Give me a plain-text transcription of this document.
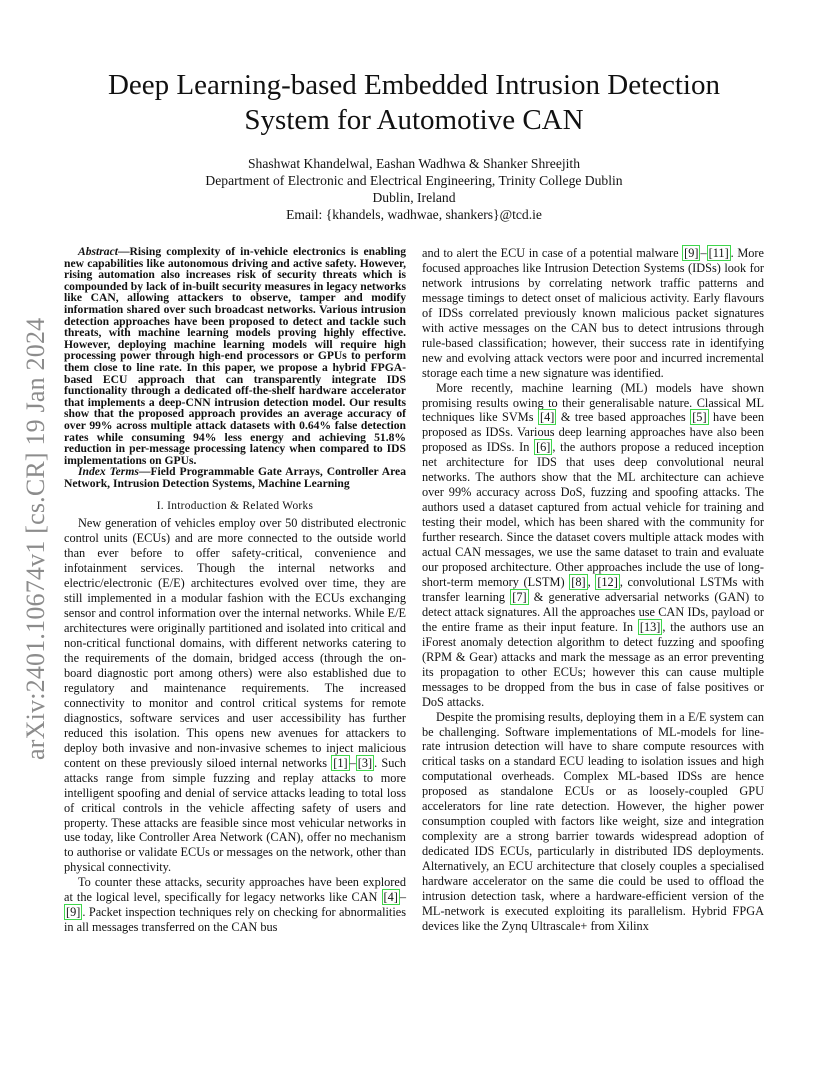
Deep Learning-based Embedded Intrusion Detection
System for Automotive CAN
Shashwat Khandelwal, Eashan Wadhwa & Shanker Shreejith
Department of Electronic and Electrical Engineering, Trinity College Dublin
Dublin, Ireland
Email: {khandels, wadhwae, shankers}@tcd.ie
arXiv:2401.10674v1 [cs.CR] 19 Jan 2024

Abstract—Rising complexity of in-vehicle electronics is enabling new capabilities like autonomous driving and active safety. However, rising automation also increases risk of security threats which is compounded by lack of in-built security measures in legacy networks like CAN, allowing attackers to observe, tamper and modify information shared over such broadcast networks. Various intrusion detection approaches have been proposed to detect and tackle such threats, with machine learning models proving highly effective. However, deploying machine learning models will require high processing power through high-end processors or GPUs to perform them close to line rate. In this paper, we propose a hybrid FPGA-based ECU approach that can transparently integrate IDS functionality through a dedicated off-the-shelf hardware accelerator that implements a deep-CNN intrusion detection model. Our results show that the proposed approach provides an average accuracy of over 99% across multiple attack datasets with 0.64% false detection rates while consuming 94% less energy and achieving 51.8% reduction in per-message processing latency when compared to IDS implementations on GPUs.

Index Terms—Field Programmable Gate Arrays, Controller Area Network, Intrusion Detection Systems, Machine Learning

I. Introduction & Related Works

New generation of vehicles employ over 50 distributed electronic control units (ECUs) and are more connected to the outside world than ever before to offer safety-critical, convenience and infotainment services. Though the internal networks and electric/electronic (E/E) architectures evolved over time, they are still implemented in a modular fashion with the ECUs exchanging sensor and control information over the internal networks. While E/E architectures were originally partitioned and isolated into critical and non-critical functional domains, with different networks catering to the requirements of the domain, bridged access (through the on-board diagnostic port among others) were also established due to regulatory and maintenance requirements. The increased connectivity to monitor and control critical systems for remote diagnostics, software services and user accessibility has further reduced this isolation. This opens new avenues for attackers to deploy both invasive and non-invasive schemes to inject malicious content on these previously siloed internal networks [1] – [3] . Such attacks range from simple fuzzing and replay attacks to more intelligent spoofing and denial of service attacks leading to total loss of critical controls in the vehicle affecting safety of users and property. These attacks are feasible since most vehicular networks in use today, like Controller Area Network (CAN), offer no mechanism to authorise or validate ECUs or messages on the network, other than physical connectivity.

To counter these attacks, security approaches have been explored at the logical level, specifically for legacy networks like CAN [4] –[9] . Packet inspection techniques rely on checking for abnormalities in all messages transferred on the CAN bus

and to alert the ECU in case of a potential malware [9] – [11] . More focused approaches like Intrusion Detection Systems (IDSs) look for network intrusions by correlating network traffic patterns and message timings to detect onset of malicious activity. Early flavours of IDSs correlated previously known malicious packet signatures with active messages on the CAN bus to detect intrusions through rule-based classification; however, their success rate in identifying new and evolving attack vectors were poor and incurred incremental storage each time a new signature was identified.

More recently, machine learning (ML) models have shown promising results owing to their generalisable nature. Classical ML techniques like SVMs [4] & tree based approaches [5] have been proposed as IDSs. Various deep learning approaches have also been proposed as IDSs. In [6] , the authors propose a reduced inception net architecture for IDS that uses deep convolutional neural networks. The authors show that the ML architecture can achieve over 99% accuracy across DoS, fuzzing and spoofing attacks. The authors used a dataset captured from actual vehicle for training and testing their model, which has been shared with the community for further research. Since the dataset covers multiple attack modes with actual CAN messages, we use the same dataset to train and evaluate our proposed architecture. Other approaches include the use of long-short-term memory (LSTM) [8] , [12] , convolutional LSTMs with transfer learning [7] & generative adversarial networks (GAN) to detect attack signatures. All the approaches use CAN IDs, payload or the entire frame as their input feature. In [13] , the authors use an iForest anomaly detection algorithm to detect fuzzing and spoofing (RPM & Gear) attacks and mark the message as an error preventing its propagation to other ECUs; however this can cause multiple messages to be dropped from the bus in case of false positives or DoS attacks.

Despite the promising results, deploying them in a E/E system can be challenging. Software implementations of ML-models for line-rate intrusion detection will have to share compute resources with critical tasks on a standard ECU leading to isolation issues and high computational overheads. Complex ML-based IDSs are hence proposed as standalone ECUs or as loosely-coupled GPU accelerators for line rate detection. However, the higher power consumption coupled with factors like weight, size and integration complexity are a strong barrier towards widespread adoption of dedicated IDS ECUs, particularly in distributed IDS deployments. Alternatively, an ECU architecture that closely couples a specialised hardware accelerator on the same die could be used to offload the intrusion detection task, where a hardware-efficient version of the ML-network is executed exploiting its parallelism. Hybrid FPGA devices like the Zynq Ultrascale+ from Xilinx
